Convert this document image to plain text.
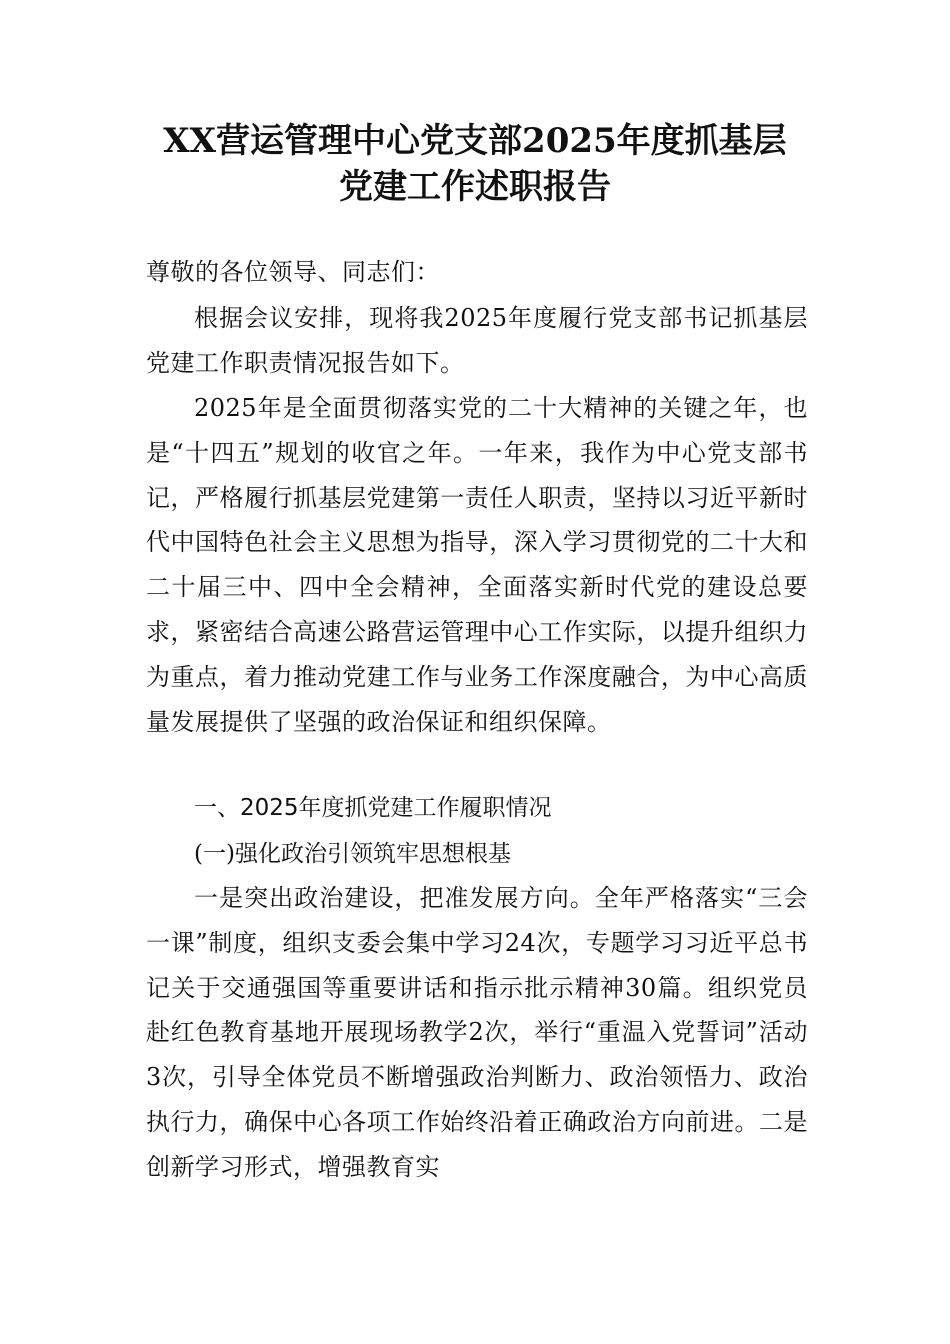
XX营运管理中心党支部2025年度抓基层
党建工作述职报告
尊敬的各位领导、同志们：
根据会议安排，现将我2025年度履行党支部书记抓基层党建工作职责情况报告如下。
2025年是全面贯彻落实党的二十大精神的关键之年，也是“十四五”规划的收官之年。一年来，我作为中心党支部书记，严格履行抓基层党建第一责任人职责，坚持以习近平新时代中国特色社会主义思想为指导，深入学习贯彻党的二十大和二十届三中、四中全会精神，全面落实新时代党的建设总要求，紧密结合高速公路营运管理中心工作实际，以提升组织力为重点，着力推动党建工作与业务工作深度融合，为中心高质量发展提供了坚强的政治保证和组织保障。
一、2025年度抓党建工作履职情况
(一)强化政治引领筑牢思想根基
一是突出政治建设，把准发展方向。全年严格落实“三会一课”制度，组织支委会集中学习24次，专题学习习近平总书记关于交通强国等重要讲话和指示批示精神30篇。组织党员赴红色教育基地开展现场教学2次，举行“重温入党誓词”活动3次，引导全体党员不断增强政治判断力、政治领悟力、政治执行力，确保中心各项工作始终沿着正确政治方向前进。二是创新学习形式，增强教育实
